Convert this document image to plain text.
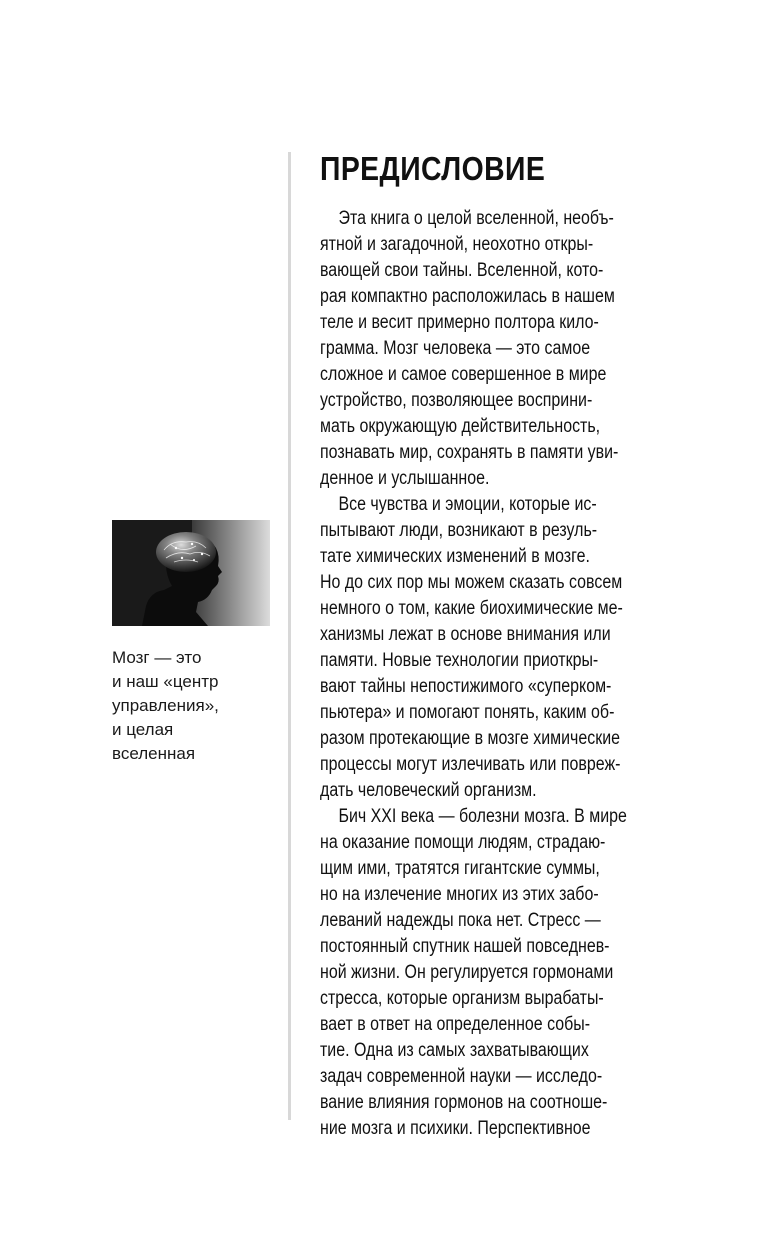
Мозг — это
и наш «центр
управления»,
и целая
вселенная
ПРЕДИСЛОВИЕ

Эта книга о целой вселенной, необъ-
ятной и загадочной, неохотно откры-
вающей свои тайны. Вселенной, кото-
рая компактно расположилась в нашем
теле и весит примерно полтора кило-
грамма. Мозг человека — это самое
сложное и самое совершенное в мире
устройство, позволяющее восприни-
мать окружающую действительность,
познавать мир, сохранять в памяти уви-
денное и услышанное.

Все чувства и эмоции, которые ис-
пытывают люди, возникают в резуль-
тате химических изменений в мозге.
Но до сих пор мы можем сказать совсем
немного о том, какие биохимические ме-
ханизмы лежат в основе внимания или
памяти. Новые технологии приоткры-
вают тайны непостижимого «суперком-
пьютера» и помогают понять, каким об-
разом протекающие в мозге химические
процессы могут излечивать или повреж-
дать человеческий организм.

Бич XXI века — болезни мозга. В мире
на оказание помощи людям, страдаю-
щим ими, тратятся гигантские суммы,
но на излечение многих из этих забо-
леваний надежды пока нет. Стресс —
постоянный спутник нашей повседнев-
ной жизни. Он регулируется гормонами
стресса, которые организм вырабаты-
вает в ответ на определенное собы-
тие. Одна из самых захватывающих
задач современной науки — исследо-
вание влияния гормонов на соотноше-
ние мозга и психики. Перспективное
